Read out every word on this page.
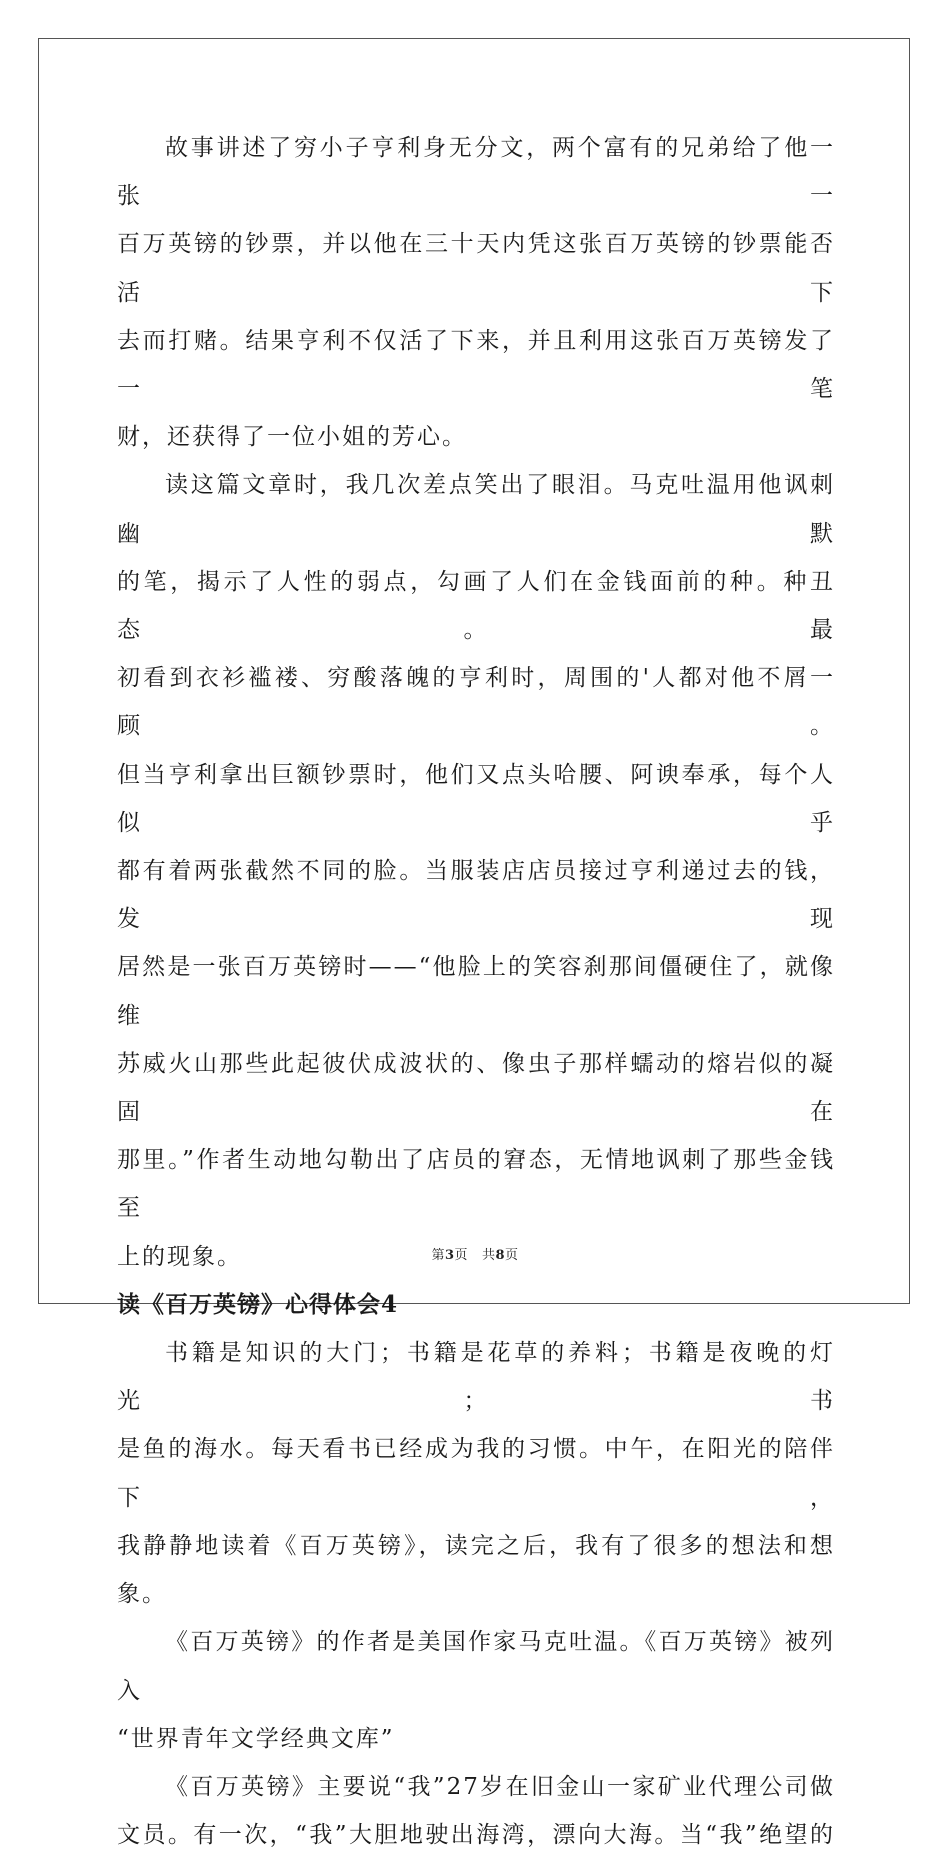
故事讲述了穷小子亨利身无分文，两个富有的兄弟给了他一张一
百万英镑的钞票，并以他在三十天内凭这张百万英镑的钞票能否活下
去而打赌。结果亨利不仅活了下来，并且利用这张百万英镑发了一笔
财，还获得了一位小姐的芳心。
读这篇文章时，我几次差点笑出了眼泪。马克吐温用他讽刺幽默
的笔，揭示了人性的弱点，勾画了人们在金钱面前的种。种丑态。最
初看到衣衫褴褛、穷酸落魄的亨利时，周围的'人都对他不屑一顾。
但当亨利拿出巨额钞票时，他们又点头哈腰、阿谀奉承，每个人似乎
都有着两张截然不同的脸。当服装店店员接过亨利递过去的钱，发现
居然是一张百万英镑时——“他脸上的笑容刹那间僵硬住了，就像维
苏威火山那些此起彼伏成波状的、像虫子那样蠕动的熔岩似的凝固在
那里。”作者生动地勾勒出了店员的窘态，无情地讽刺了那些金钱至
上的现象。
读《百万英镑》心得体会4
书籍是知识的大门；书籍是花草的养料；书籍是夜晚的灯光；书
是鱼的海水。每天看书已经成为我的习惯。中午，在阳光的陪伴下，
我静静地读着《百万英镑》，读完之后，我有了很多的想法和想象。
《百万英镑》的作者是美国作家马克吐温。《百万英镑》被列入
“世界青年文学经典文库”
《百万英镑》主要说“我”27岁在旧金山一家矿业代理公司做
文员。有一次，“我”大胆地驶出海湾，漂向大海。当“我”绝望的
第3页 共8页
